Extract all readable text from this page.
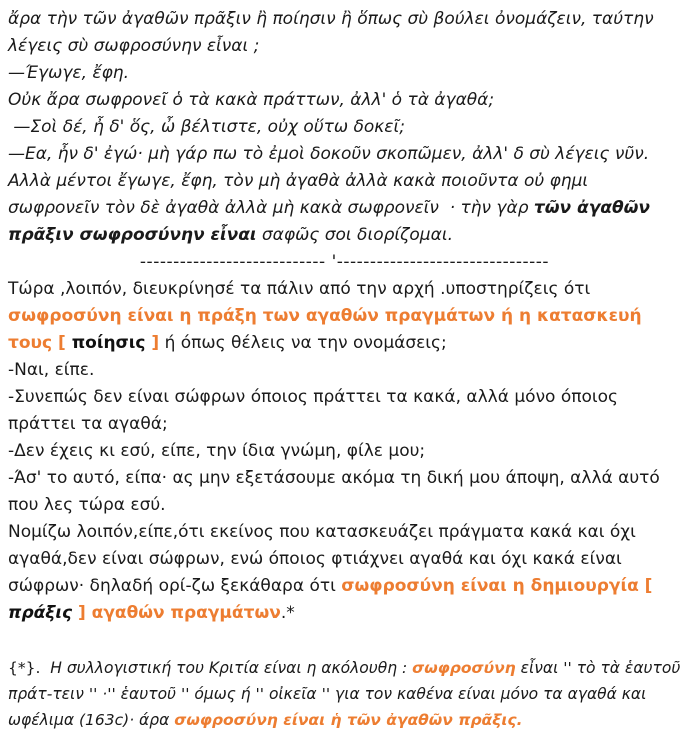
ἄρα τὴν τῶν ἀγαθῶν πρᾶξιν ἢ ποίησιν ἢ ὅπως σὺ βούλει ὀνομάζειν, ταύτην λέγεις σὺ σωφροσύνην εἶναι ;

—Έγωγε, ἔφη.

Οὐκ ἄρα σωφρονεῖ ὁ τὰ κακὰ πράττων, ἀλλ' ὁ τὰ ἀγαθά;

—Σοὶ δέ, ἦ δ' ὅς, ὦ βέλτιστε, οὐχ οὕτω δοκεῖ;

—Εα, ἦν δ' ἐγώ· μὴ γάρ πω τὸ ἐμοὶ δοκοῦν σκοπῶμεν, ἀλλ' δ σὺ λέγεις νῦν.

Αλλὰ μέντοι ἔγωγε, ἔφη, τὸν μὴ ἀγαθὰ ἀλλὰ κακὰ ποιοῦντα οὐ φημι σωφρονεῖν τὸν δὲ ἀγαθὰ ἀλλὰ μὴ κακὰ σωφρονεῖν  · τὴν γὰρ τῶν ἀγαθῶν πρᾶξιν σωφροσύνην εἶναι σαφῶς σοι διορίζομαι.

---------------------------- '--------------------------------

Τώρα ,λοιπόν, διευκρίνησέ τα πάλιν από την αρχή .υποστηρίζεις ότι σωφροσύνη είναι η πράξη των αγαθών πραγμάτων ή η κατασκευή τους [ ποίησις ] ή όπως θέλεις να την ονομάσεις;

-Ναι, είπε.

-Συνεπώς δεν είναι σώφρων όποιος πράττει τα κακά, αλλά μόνο όποιος πράττει τα αγαθά;

-Δεν έχεις κι εσύ, είπε, την ίδια γνώμη, φίλε μου;

-Άσ' το αυτό, είπα· ας μην εξετάσουμε ακόμα τη δική μου άποψη, αλλά αυτό που λες τώρα εσύ.

Νομίζω λοιπόν,είπε,ότι εκείνος που κατασκευάζει πράγματα κακά και όχι αγαθά,δεν είναι σώφρων, ενώ όποιος φτιάχνει αγαθά και όχι κακά είναι σώφρων· δηλαδή ορί-ζω ξεκάθαρα ότι σωφροσύνη είναι η δημιουργία [ πράξις ] αγαθών πραγμάτων.*

{*}.  Η συλλογιστική του Κριτία είναι η ακόλουθη : σωφροσύνη εἶναι '' τὸ τὰ ἑαυτοῦ πράτ-τειν '' ·'' ἑαυτοῦ '' όμως ή '' οἰκεῖα '' για τον καθένα είναι μόνο τα αγαθά και ωφέλιμα (163c)· άρα σωφροσύνη είναι ἡ τῶν ἀγαθῶν πρᾶξις.
